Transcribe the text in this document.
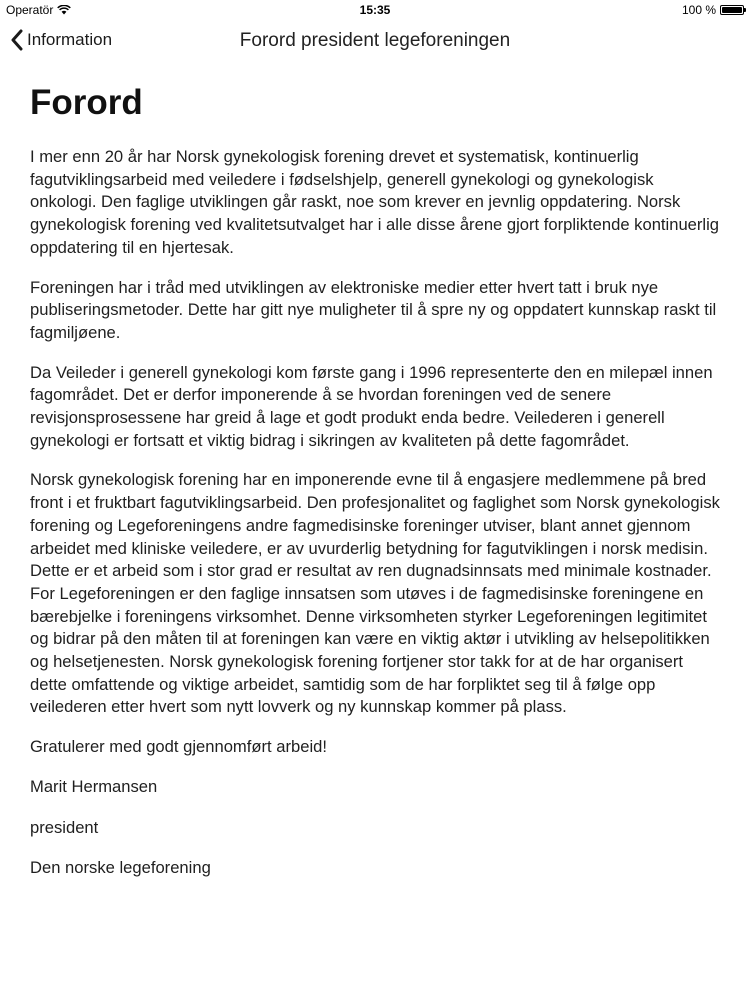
Operatör	15:35	100 %
Information	Forord president legeforeningen
Forord

I mer enn 20 år har Norsk gynekologisk forening drevet et systematisk, kontinuerlig fagutviklingsarbeid med veiledere i fødselshjelp, generell gynekologi og gynekologisk onkologi. Den faglige utviklingen går raskt, noe som krever en jevnlig oppdatering. Norsk gynekologisk forening ved kvalitetsutvalget har i alle disse årene gjort forpliktende kontinuerlig oppdatering til en hjertesak.

Foreningen har i tråd med utviklingen av elektroniske medier etter hvert tatt i bruk nye publiseringsmetoder. Dette har gitt nye muligheter til å spre ny og oppdatert kunnskap raskt til fagmiljøene.

Da Veileder i generell gynekologi kom første gang i 1996 representerte den en milepæl innen fagområdet. Det er derfor imponerende å se hvordan foreningen ved de senere revisjonsprosessene har greid å lage et godt produkt enda bedre. Veilederen i generell gynekologi er fortsatt et viktig bidrag i sikringen av kvaliteten på dette fagområdet.

Norsk gynekologisk forening har en imponerende evne til å engasjere medlemmene på bred front i et fruktbart fagutviklingsarbeid. Den profesjonalitet og faglighet som Norsk gynekologisk forening og Legeforeningens andre fagmedisinske foreninger utviser, blant annet gjennom arbeidet med kliniske veiledere, er av uvurderlig betydning for fagutviklingen i norsk medisin. Dette er et arbeid som i stor grad er resultat av ren dugnadsinnsats med minimale kostnader. For Legeforeningen er den faglige innsatsen som utøves i de fagmedisinske foreningene en bærebjelke i foreningens virksomhet. Denne virksomheten styrker Legeforeningen legitimitet og bidrar på den måten til at foreningen kan være en viktig aktør i utvikling av helsepolitikken og helsetjenesten. Norsk gynekologisk forening fortjener stor takk for at de har organisert dette omfattende og viktige arbeidet, samtidig som de har forpliktet seg til å følge opp veilederen etter hvert som nytt lovverk og ny kunnskap kommer på plass.

Gratulerer med godt gjennomført arbeid!

Marit Hermansen

president

Den norske legeforening
